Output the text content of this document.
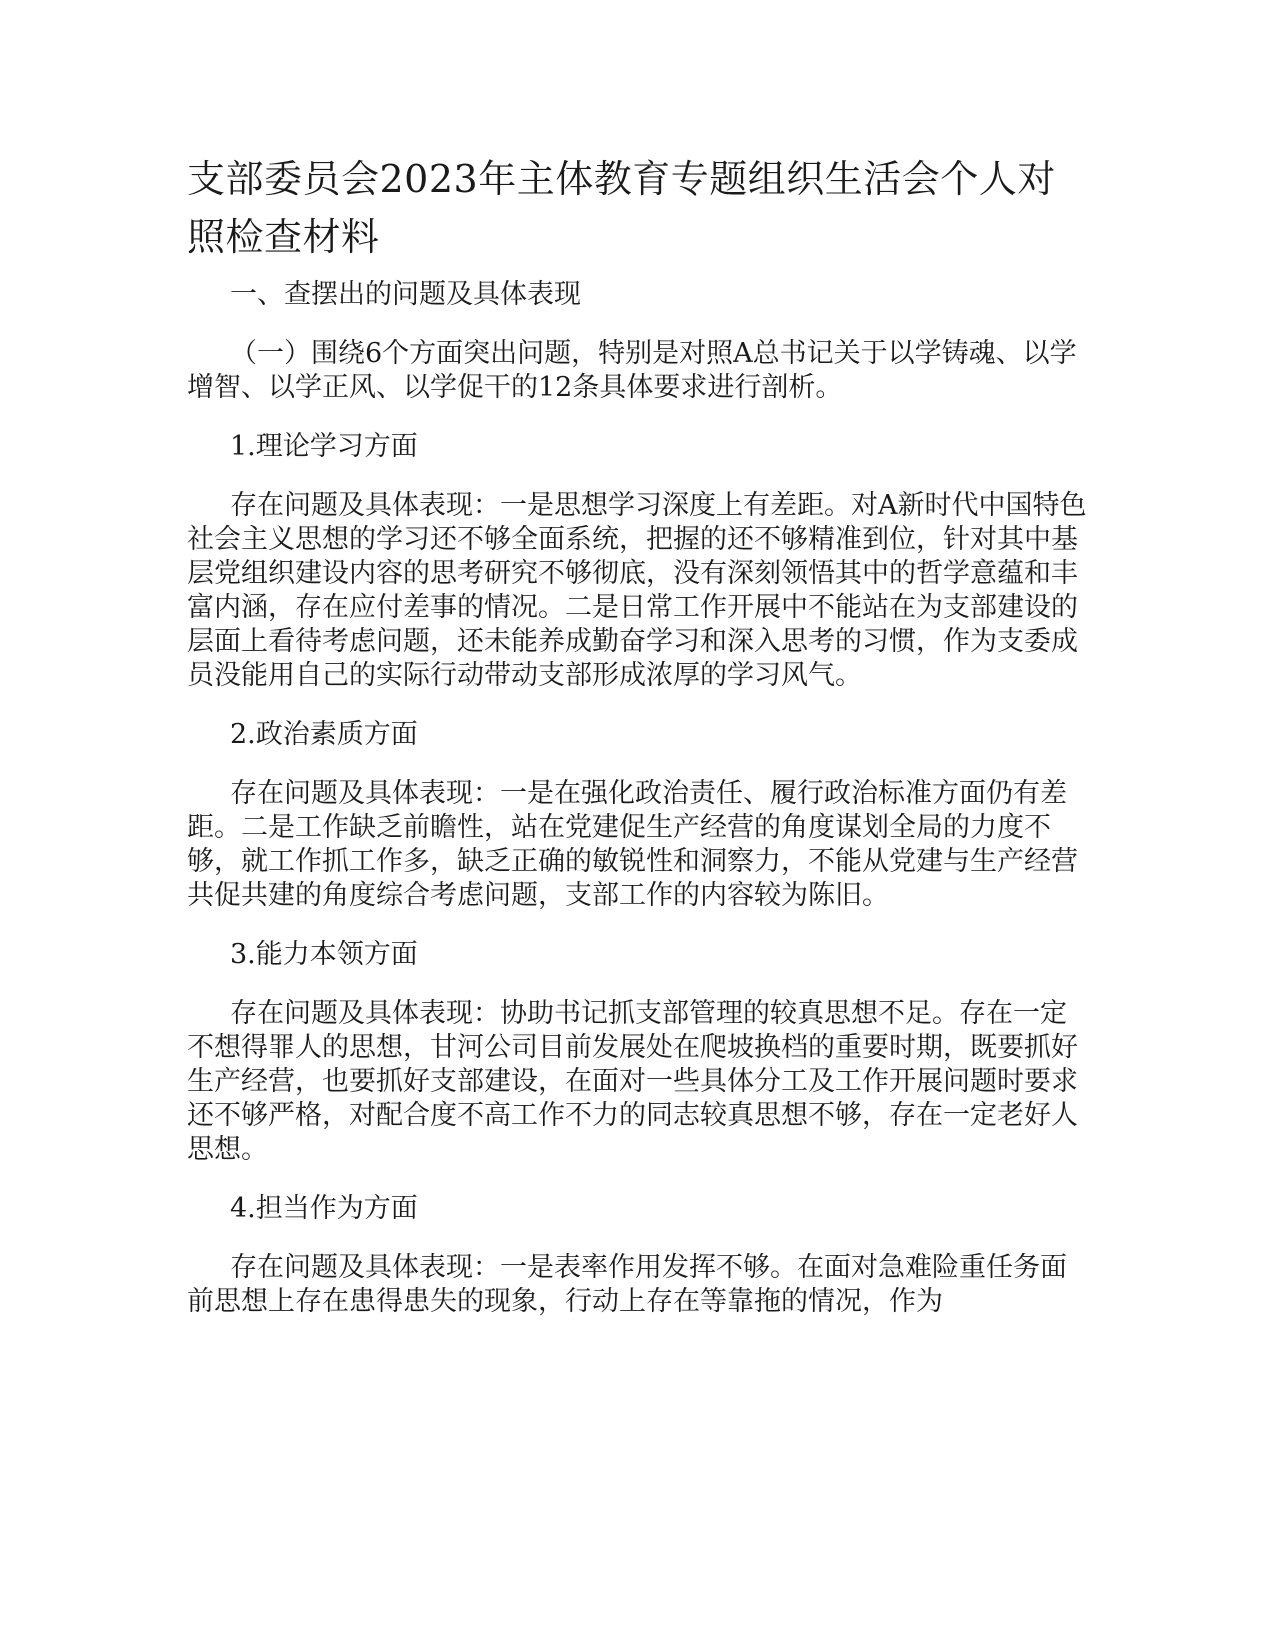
支部委员会2023年主体教育专题组织生活会个人对照检查材料

一、查摆出的问题及具体表现

（一）围绕6个方面突出问题，特别是对照A总书记关于以学铸魂、以学增智、以学正风、以学促干的12条具体要求进行剖析。

1.理论学习方面

存在问题及具体表现：一是思想学习深度上有差距。对A新时代中国特色社会主义思想的学习还不够全面系统，把握的还不够精准到位，针对其中基层党组织建设内容的思考研究不够彻底，没有深刻领悟其中的哲学意蕴和丰富内涵，存在应付差事的情况。二是日常工作开展中不能站在为支部建设的层面上看待考虑问题，还未能养成勤奋学习和深入思考的习惯，作为支委成员没能用自己的实际行动带动支部形成浓厚的学习风气。

2.政治素质方面

存在问题及具体表现：一是在强化政治责任、履行政治标准方面仍有差距。二是工作缺乏前瞻性，站在党建促生产经营的角度谋划全局的力度不够，就工作抓工作多，缺乏正确的敏锐性和洞察力，不能从党建与生产经营共促共建的角度综合考虑问题，支部工作的内容较为陈旧。

3.能力本领方面

存在问题及具体表现：协助书记抓支部管理的较真思想不足。存在一定不想得罪人的思想，甘河公司目前发展处在爬坡换档的重要时期，既要抓好生产经营，也要抓好支部建设，在面对一些具体分工及工作开展问题时要求还不够严格，对配合度不高工作不力的同志较真思想不够，存在一定老好人思想。

4.担当作为方面

存在问题及具体表现：一是表率作用发挥不够。在面对急难险重任务面前思想上存在患得患失的现象，行动上存在等靠拖的情况，作为
